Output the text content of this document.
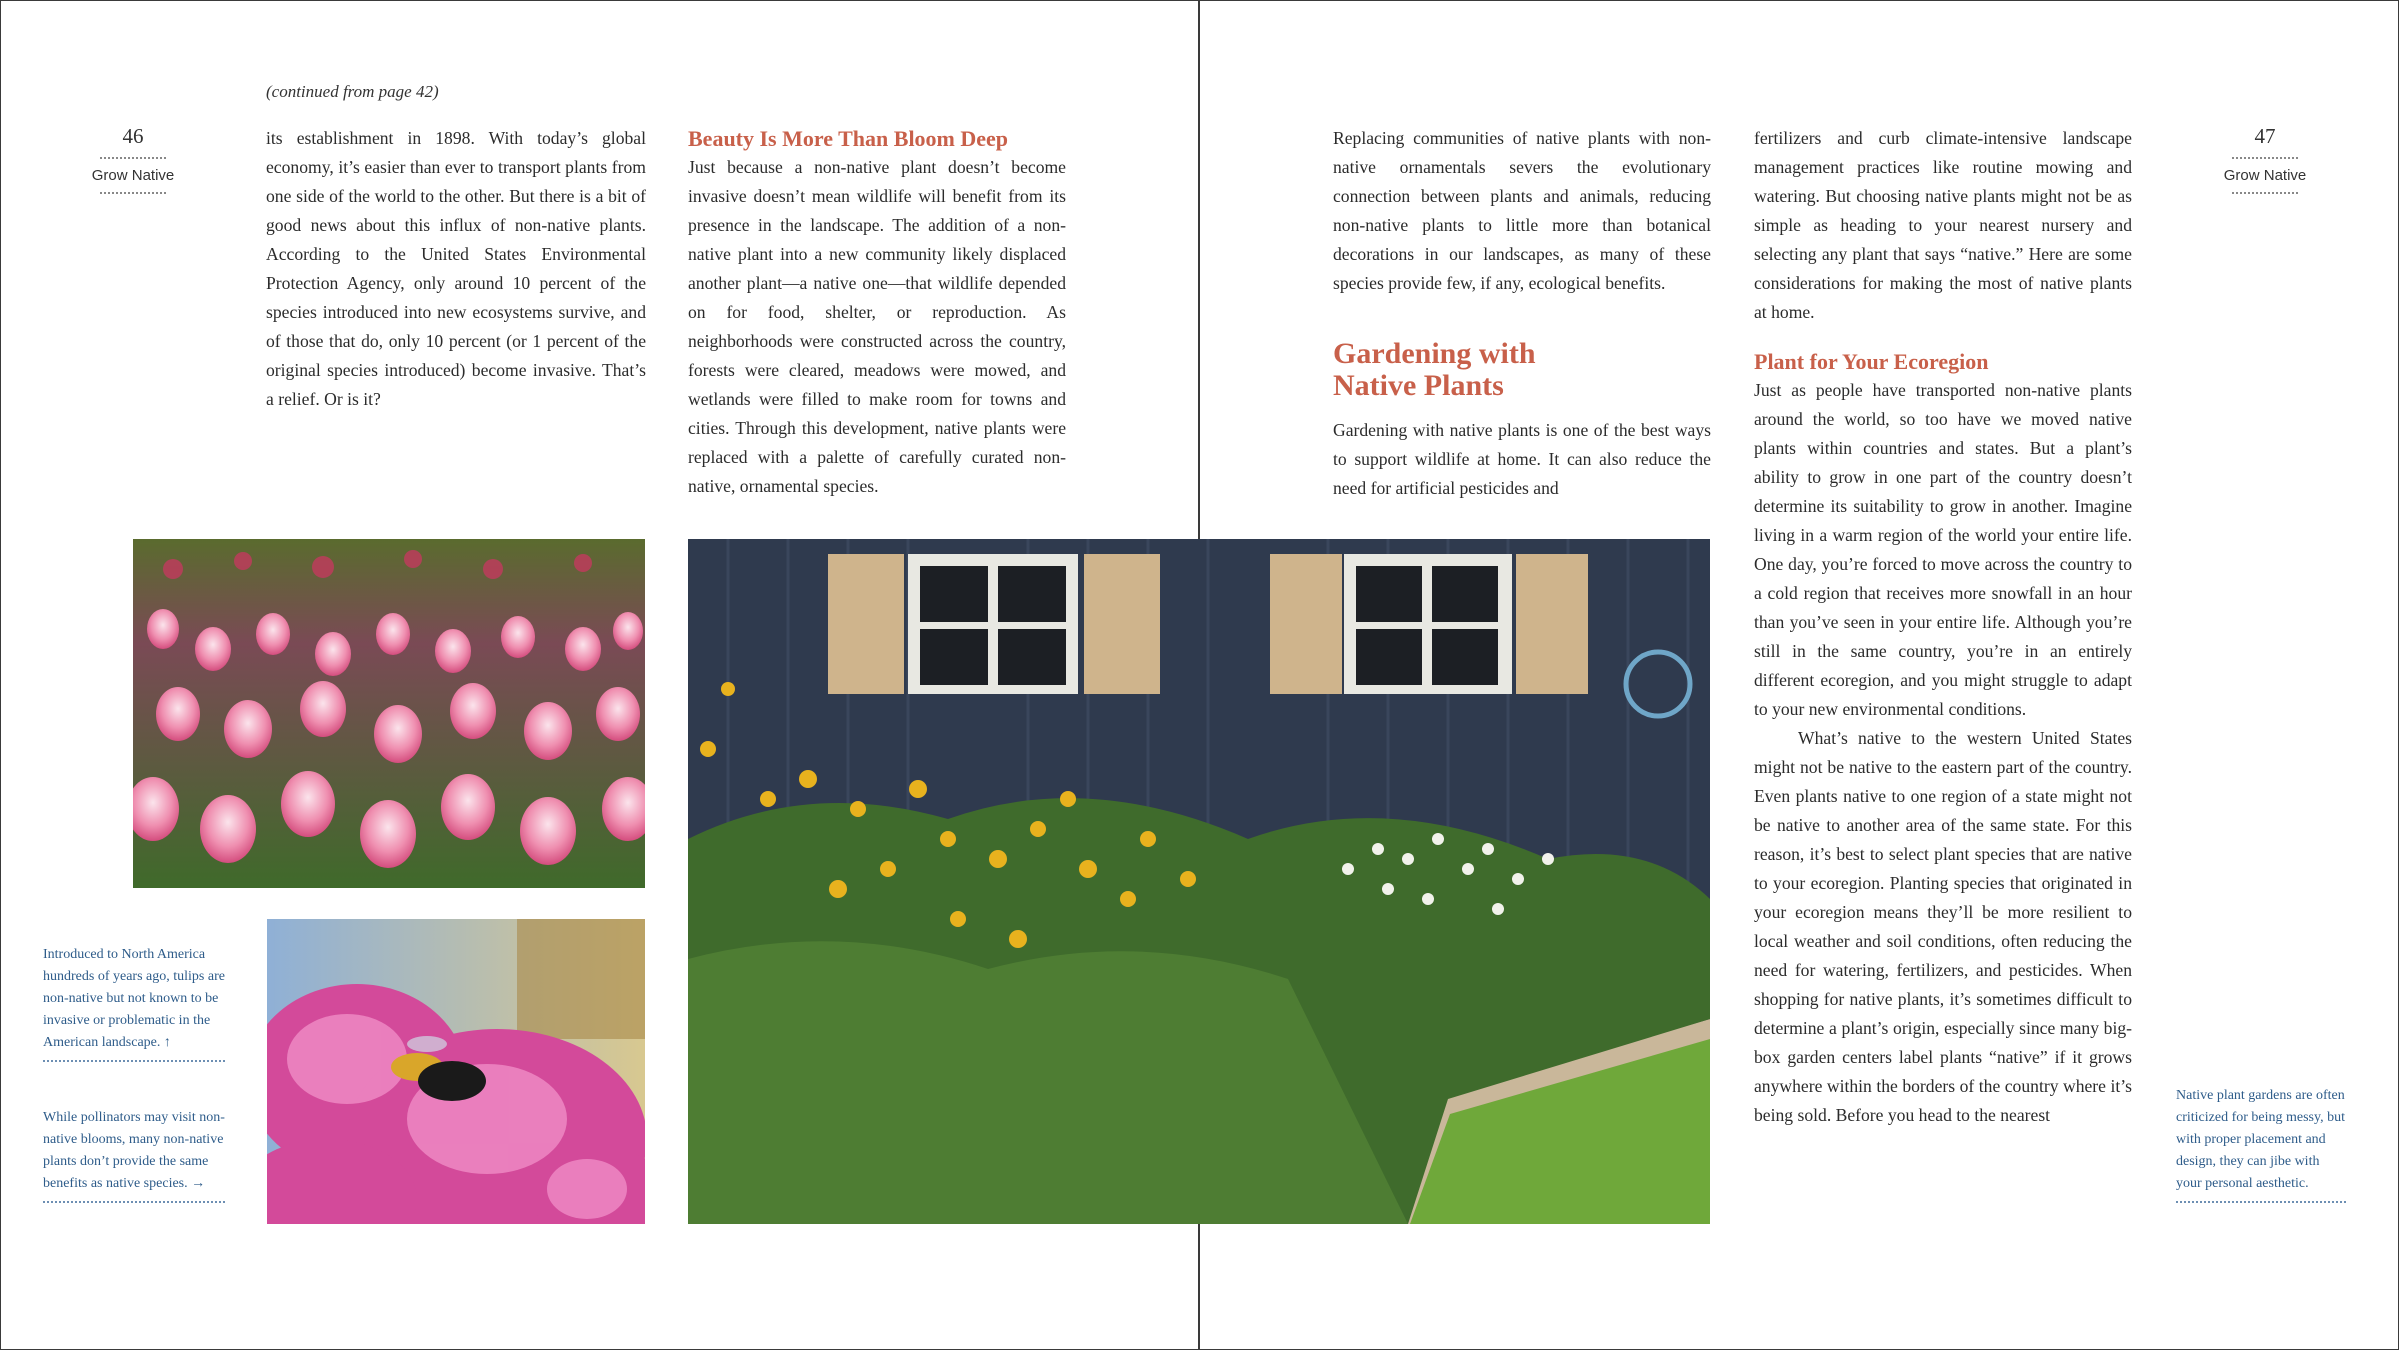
46
Grow Native
(continued from page 42)

its establishment in 1898. With today’s global economy, it’s easier than ever to transport plants from one side of the world to the other. But there is a bit of good news about this influx of non-native plants. According to the United States Environmental Protection Agency, only around 10 percent of the species introduced into new ecosystems survive, and of those that do, only 10 percent (or 1 percent of the original species introduced) become invasive. That’s a relief. Or is it?

Beauty Is More Than Bloom Deep

Just because a non-native plant doesn’t become invasive doesn’t mean wildlife will benefit from its presence in the landscape. The addition of a non-native plant into a new community likely displaced another plant—a native one—that wildlife depended on for food, shelter, or reproduction. As neighborhoods were constructed across the country, forests were cleared, meadows were mowed, and wetlands were filled to make room for towns and cities. Through this development, native plants were replaced with a palette of carefully curated non-native, ornamental species.

Introduced to North America hundreds of years ago, tulips are non-native but not known to be invasive or problematic in the American landscape. ↑
While pollinators may visit non-native blooms, many non-native plants don’t provide the same benefits as native species. →

Replacing communities of native plants with non-native ornamentals severs the evolutionary connection between plants and animals, reducing non-native plants to little more than botanical decorations in our landscapes, as many of these species provide few, if any, ecological benefits.

Gardening with
Native Plants

Gardening with native plants is one of the best ways to support wildlife at home. It can also reduce the need for artificial pesticides and

fertilizers and curb climate-intensive landscape management practices like routine mowing and watering. But choosing native plants might not be as simple as heading to your nearest nursery and selecting any plant that says “native.” Here are some considerations for making the most of native plants at home.

Plant for Your Ecoregion

Just as people have transported non-native plants around the world, so too have we moved native plants within countries and states. But a plant’s ability to grow in one part of the country doesn’t determine its suitability to grow in another. Imagine living in a warm region of the world your entire life. One day, you’re forced to move across the country to a cold region that receives more snowfall in an hour than you’ve seen in your entire life. Although you’re still in the same country, you’re in an entirely different ecoregion, and you might struggle to adapt to your new environmental conditions.

What’s native to the western United States might not be native to the eastern part of the country. Even plants native to one region of a state might not be native to another area of the same state. For this reason, it’s best to select plant species that are native to your ecoregion. Planting species that originated in your ecoregion means they’ll be more resilient to local weather and soil conditions, often reducing the need for watering, fertilizers, and pesticides. When shopping for native plants, it’s sometimes difficult to determine a plant’s origin, especially since many big-box garden centers label plants “native” if it grows anywhere within the borders of the country where it’s being sold. Before you head to the nearest

47
Grow Native
Native plant gardens are often criticized for being messy, but with proper placement and design, they can jibe with your personal aesthetic.
